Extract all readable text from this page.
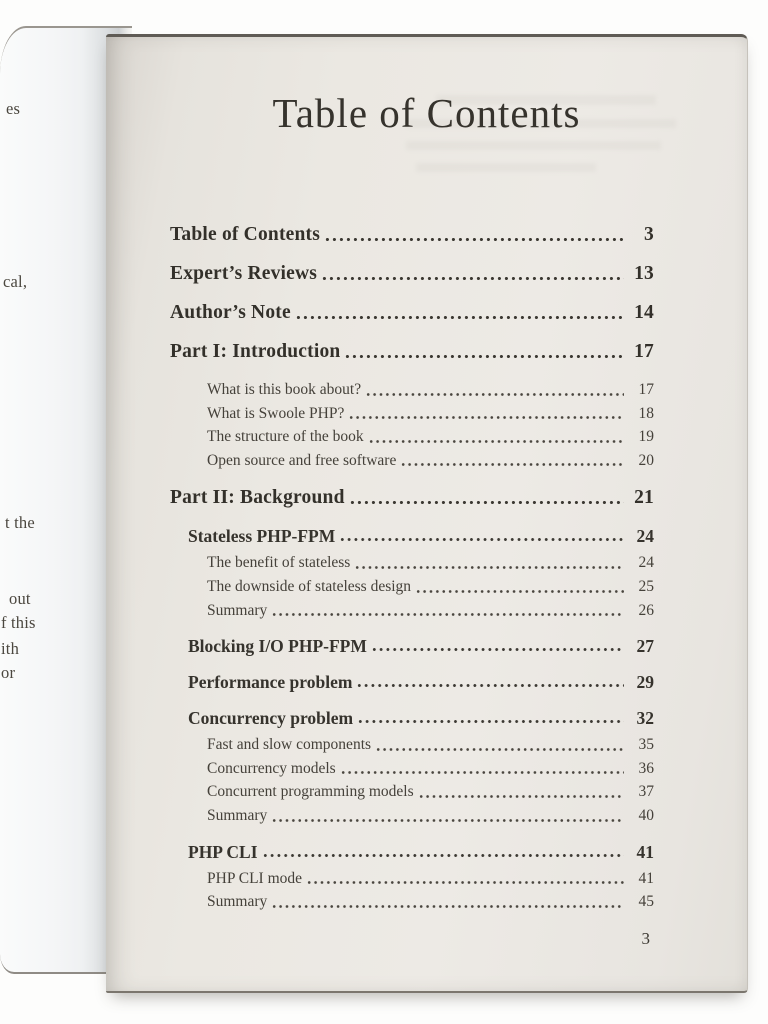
es
cal,
t the
out
f this
ith
or
Table of Contents
Table of Contents	3
Expert’s Reviews	13
Author’s Note	14
Part I: Introduction	17
What is this book about?	17
What is Swoole PHP?	18
The structure of the book	19
Open source and free software	20
Part II: Background	21
Stateless PHP-FPM	24
The benefit of stateless	24
The downside of stateless design	25
Summary	26
Blocking I/O PHP-FPM	27
Performance problem	29
Concurrency problem	32
Fast and slow components	35
Concurrency models	36
Concurrent programming models	37
Summary	40
PHP CLI	41
PHP CLI mode	41
Summary	45
3
